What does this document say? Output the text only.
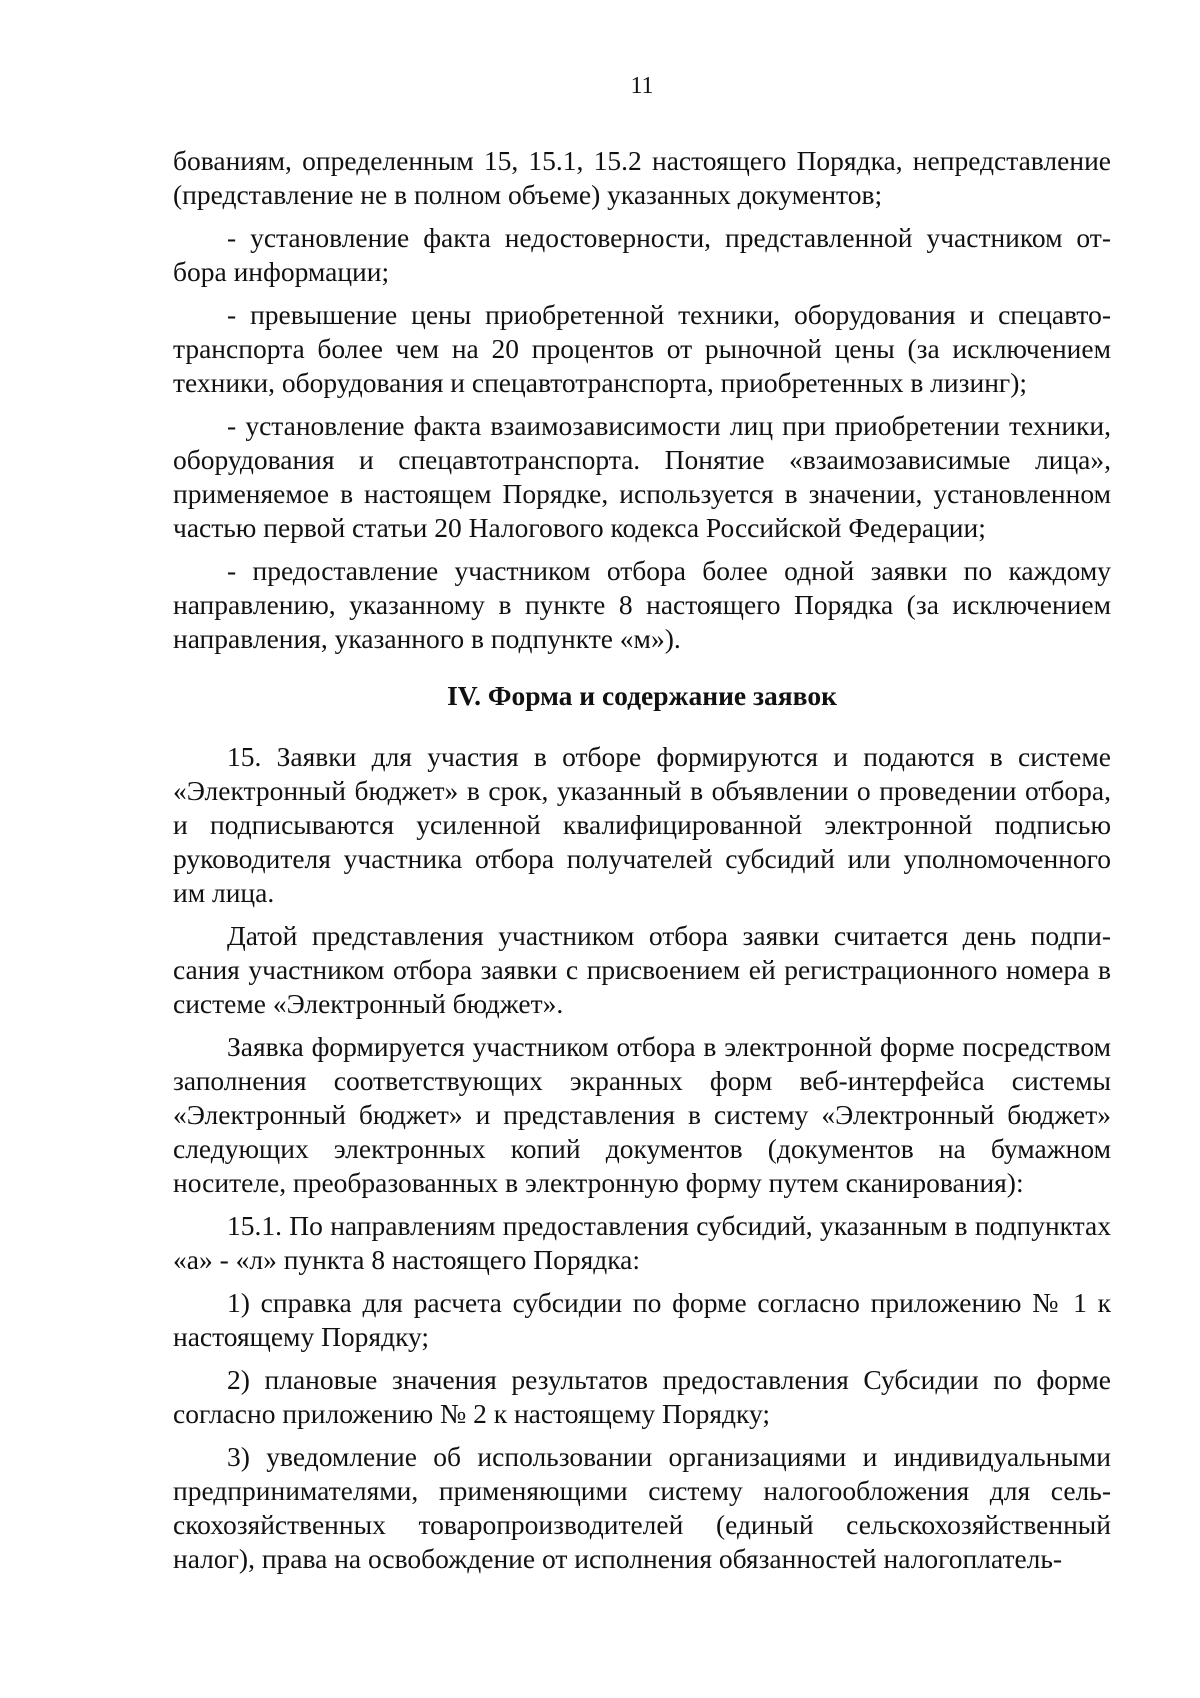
11

бованиям, определенным 15, 15.1, 15.2 настоящего Порядка, непредставление (представление не в полном объеме) указанных документов;

- установление факта недостоверности, представленной участником отбора информации;

- превышение цены приобретенной техники, оборудования и спецавтотранспорта более чем на 20 процентов от рыночной цены (за исключением техники, оборудования и спецавтотранспорта, приобретенных в лизинг);

- установление факта взаимозависимости лиц при приобретении техники, оборудования и спецавтотранспорта. Понятие «взаимозависимые лица», применяемое в настоящем Порядке, используется в значении, установленном частью первой статьи 20 Налогового кодекса Российской Федерации;

- предоставление участником отбора более одной заявки по каждому направлению, указанному в пункте 8 настоящего Порядка (за исключением направления, указанного в подпункте «м»).

IV. Форма и содержание заявок

15. Заявки для участия в отборе формируются и подаются в системе «Электронный бюджет» в срок, указанный в объявлении о проведении отбора, и подписываются усиленной квалифицированной электронной подписью руководителя участника отбора получателей субсидий или уполномоченного им лица.

Датой представления участником отбора заявки считается день подписания участником отбора заявки с присвоением ей регистрационного номера в системе «Электронный бюджет».

Заявка формируется участником отбора в электронной форме посредством заполнения соответствующих экранных форм веб-интерфейса системы «Электронный бюджет» и представления в систему «Электронный бюджет» следующих электронных копий документов (документов на бумажном носителе, преобразованных в электронную форму путем сканирования):

15.1. По направлениям предоставления субсидий, указанным в подпунктах «а» - «л» пункта 8 настоящего Порядка:

1) справка для расчета субсидии по форме согласно приложению № 1 к настоящему Порядку;

2) плановые значения результатов предоставления Субсидии по форме согласно приложению № 2 к настоящему Порядку;

3) уведомление об использовании организациями и индивидуальными предпринимателями, применяющими систему налогообложения для сельскохозяйственных товаропроизводителей (единый сельскохозяйственный налог), права на освобождение от исполнения обязанностей налогоплатель-
